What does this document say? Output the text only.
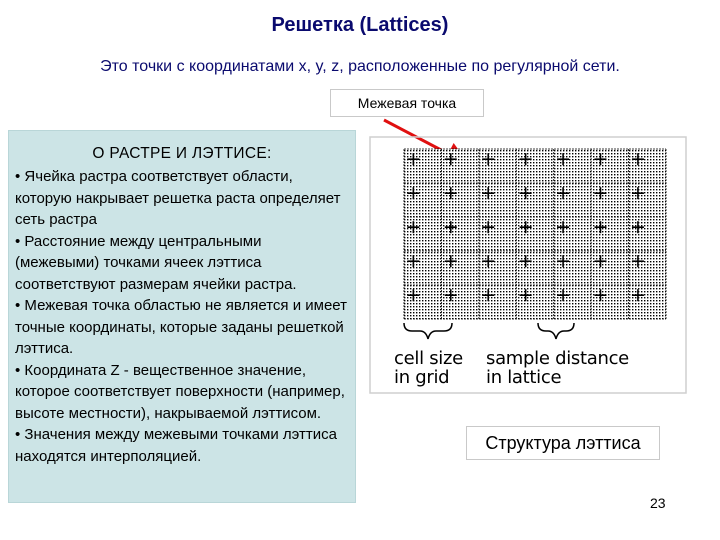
Решетка (Lattices)
Это точки с координатами x, y, z, расположенные по регулярной сети.
Межевая точка
О РАСТРЕ И ЛЭТТИСЕ:

• Ячейка растра соответствует области, которую накрывает решетка раста определяет сеть растра

• Расстояние между центральными (межевыми) точками ячеек лэттиса соответствуют размерам ячейки растра.

• Межевая точка областью не является и имеет точные координаты, которые заданы решеткой лэттиса.

• Координата Z - вещественное значение, которое соответствует поверхности (например, высоте местности), накрываемой лэттисом.

• Значения между межевыми точками лэттиса находятся интерполяцией.

cell size
in grid
sample distance
in lattice
Структура лэттиса
23
